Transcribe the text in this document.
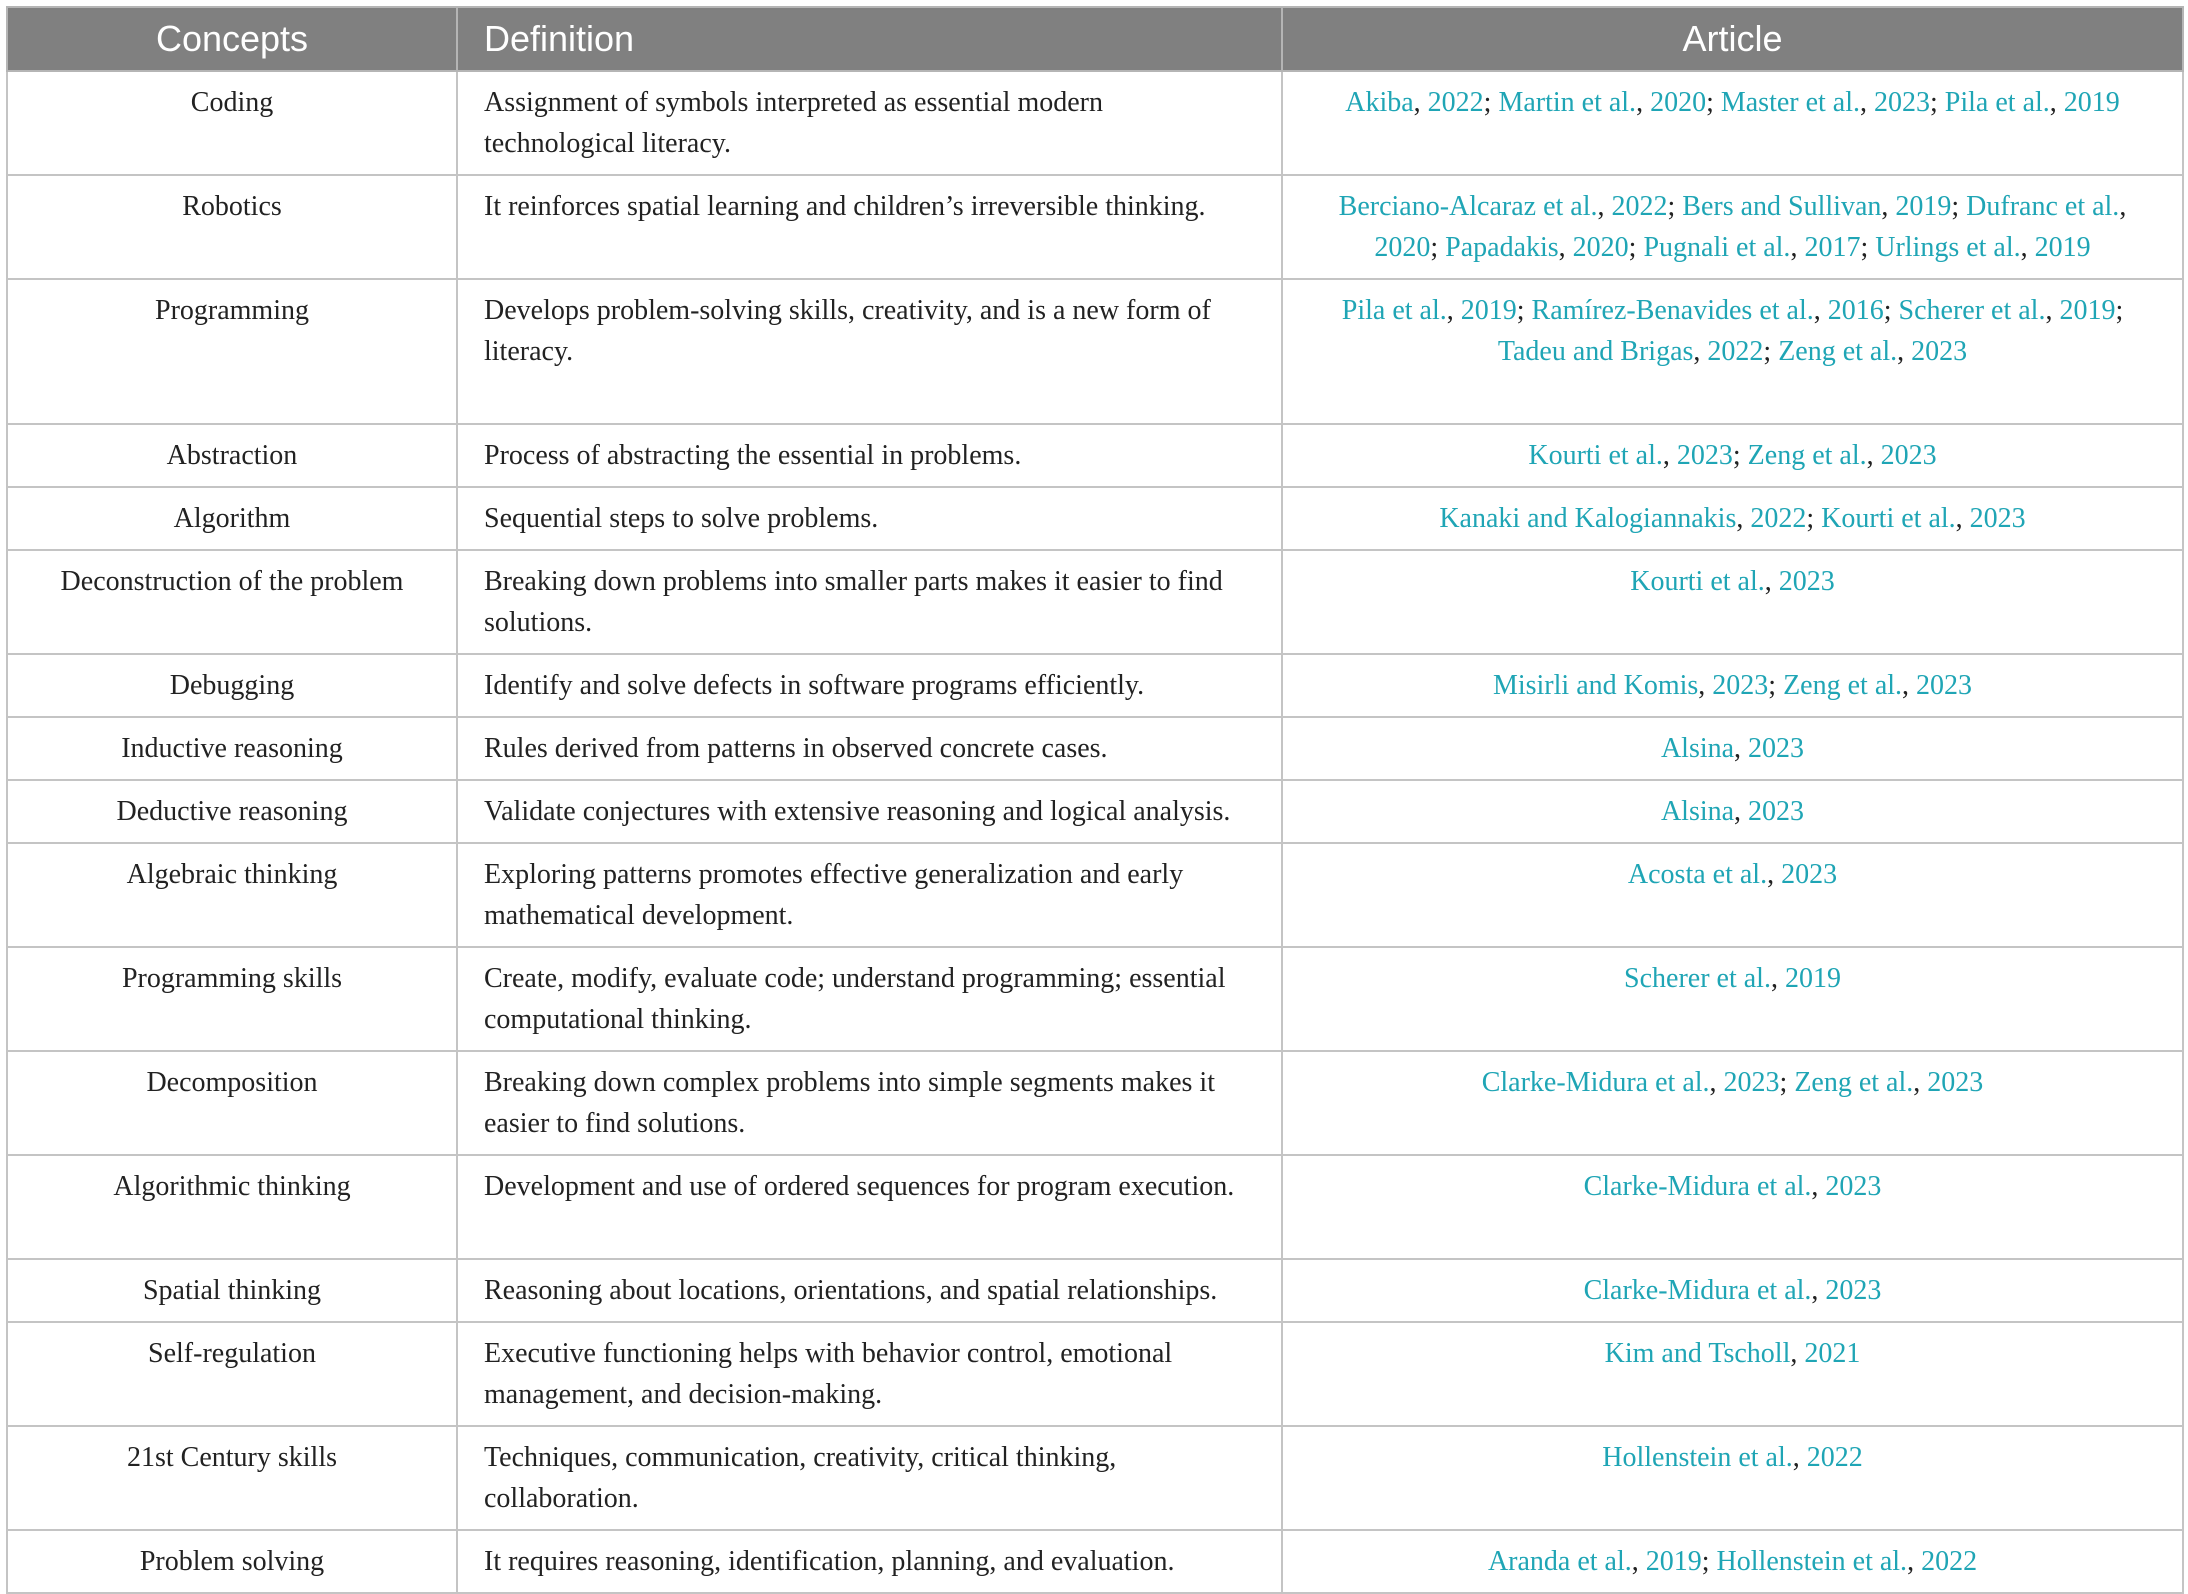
Concepts	Definition	Article
Coding	Assignment of symbols interpreted as essential modern technological literacy.	Akiba, 2022; Martin et al., 2020; Master et al., 2023; Pila et al., 2019
Robotics	It reinforces spatial learning and children’s irreversible thinking.	Berciano-Alcaraz et al., 2022; Bers and Sullivan, 2019; Dufranc et al., 2020; Papadakis, 2020; Pugnali et al., 2017; Urlings et al., 2019
Programming	Develops problem-solving skills, creativity, and is a new form of literacy.	Pila et al., 2019; Ramírez-Benavides et al., 2016; Scherer et al., 2019; Tadeu and Brigas, 2022; Zeng et al., 2023
Abstraction	Process of abstracting the essential in problems.	Kourti et al., 2023; Zeng et al., 2023
Algorithm	Sequential steps to solve problems.	Kanaki and Kalogiannakis, 2022; Kourti et al., 2023
Deconstruction of the problem	Breaking down problems into smaller parts makes it easier to find solutions.	Kourti et al., 2023
Debugging	Identify and solve defects in software programs efficiently.	Misirli and Komis, 2023; Zeng et al., 2023
Inductive reasoning	Rules derived from patterns in observed concrete cases.	Alsina, 2023
Deductive reasoning	Validate conjectures with extensive reasoning and logical analysis.	Alsina, 2023
Algebraic thinking	Exploring patterns promotes effective generalization and early mathematical development.	Acosta et al., 2023
Programming skills	Create, modify, evaluate code; understand programming; essential computational thinking.	Scherer et al., 2019
Decomposition	Breaking down complex problems into simple segments makes it easier to find solutions.	Clarke-Midura et al., 2023; Zeng et al., 2023
Algorithmic thinking	Development and use of ordered sequences for program execution.	Clarke-Midura et al., 2023
Spatial thinking	Reasoning about locations, orientations, and spatial relationships.	Clarke-Midura et al., 2023
Self-regulation	Executive functioning helps with behavior control, emotional management, and decision-making.	Kim and Tscholl, 2021
21st Century skills	Techniques, communication, creativity, critical thinking, collaboration.	Hollenstein et al., 2022
Problem solving	It requires reasoning, identification, planning, and evaluation.	Aranda et al., 2019; Hollenstein et al., 2022
